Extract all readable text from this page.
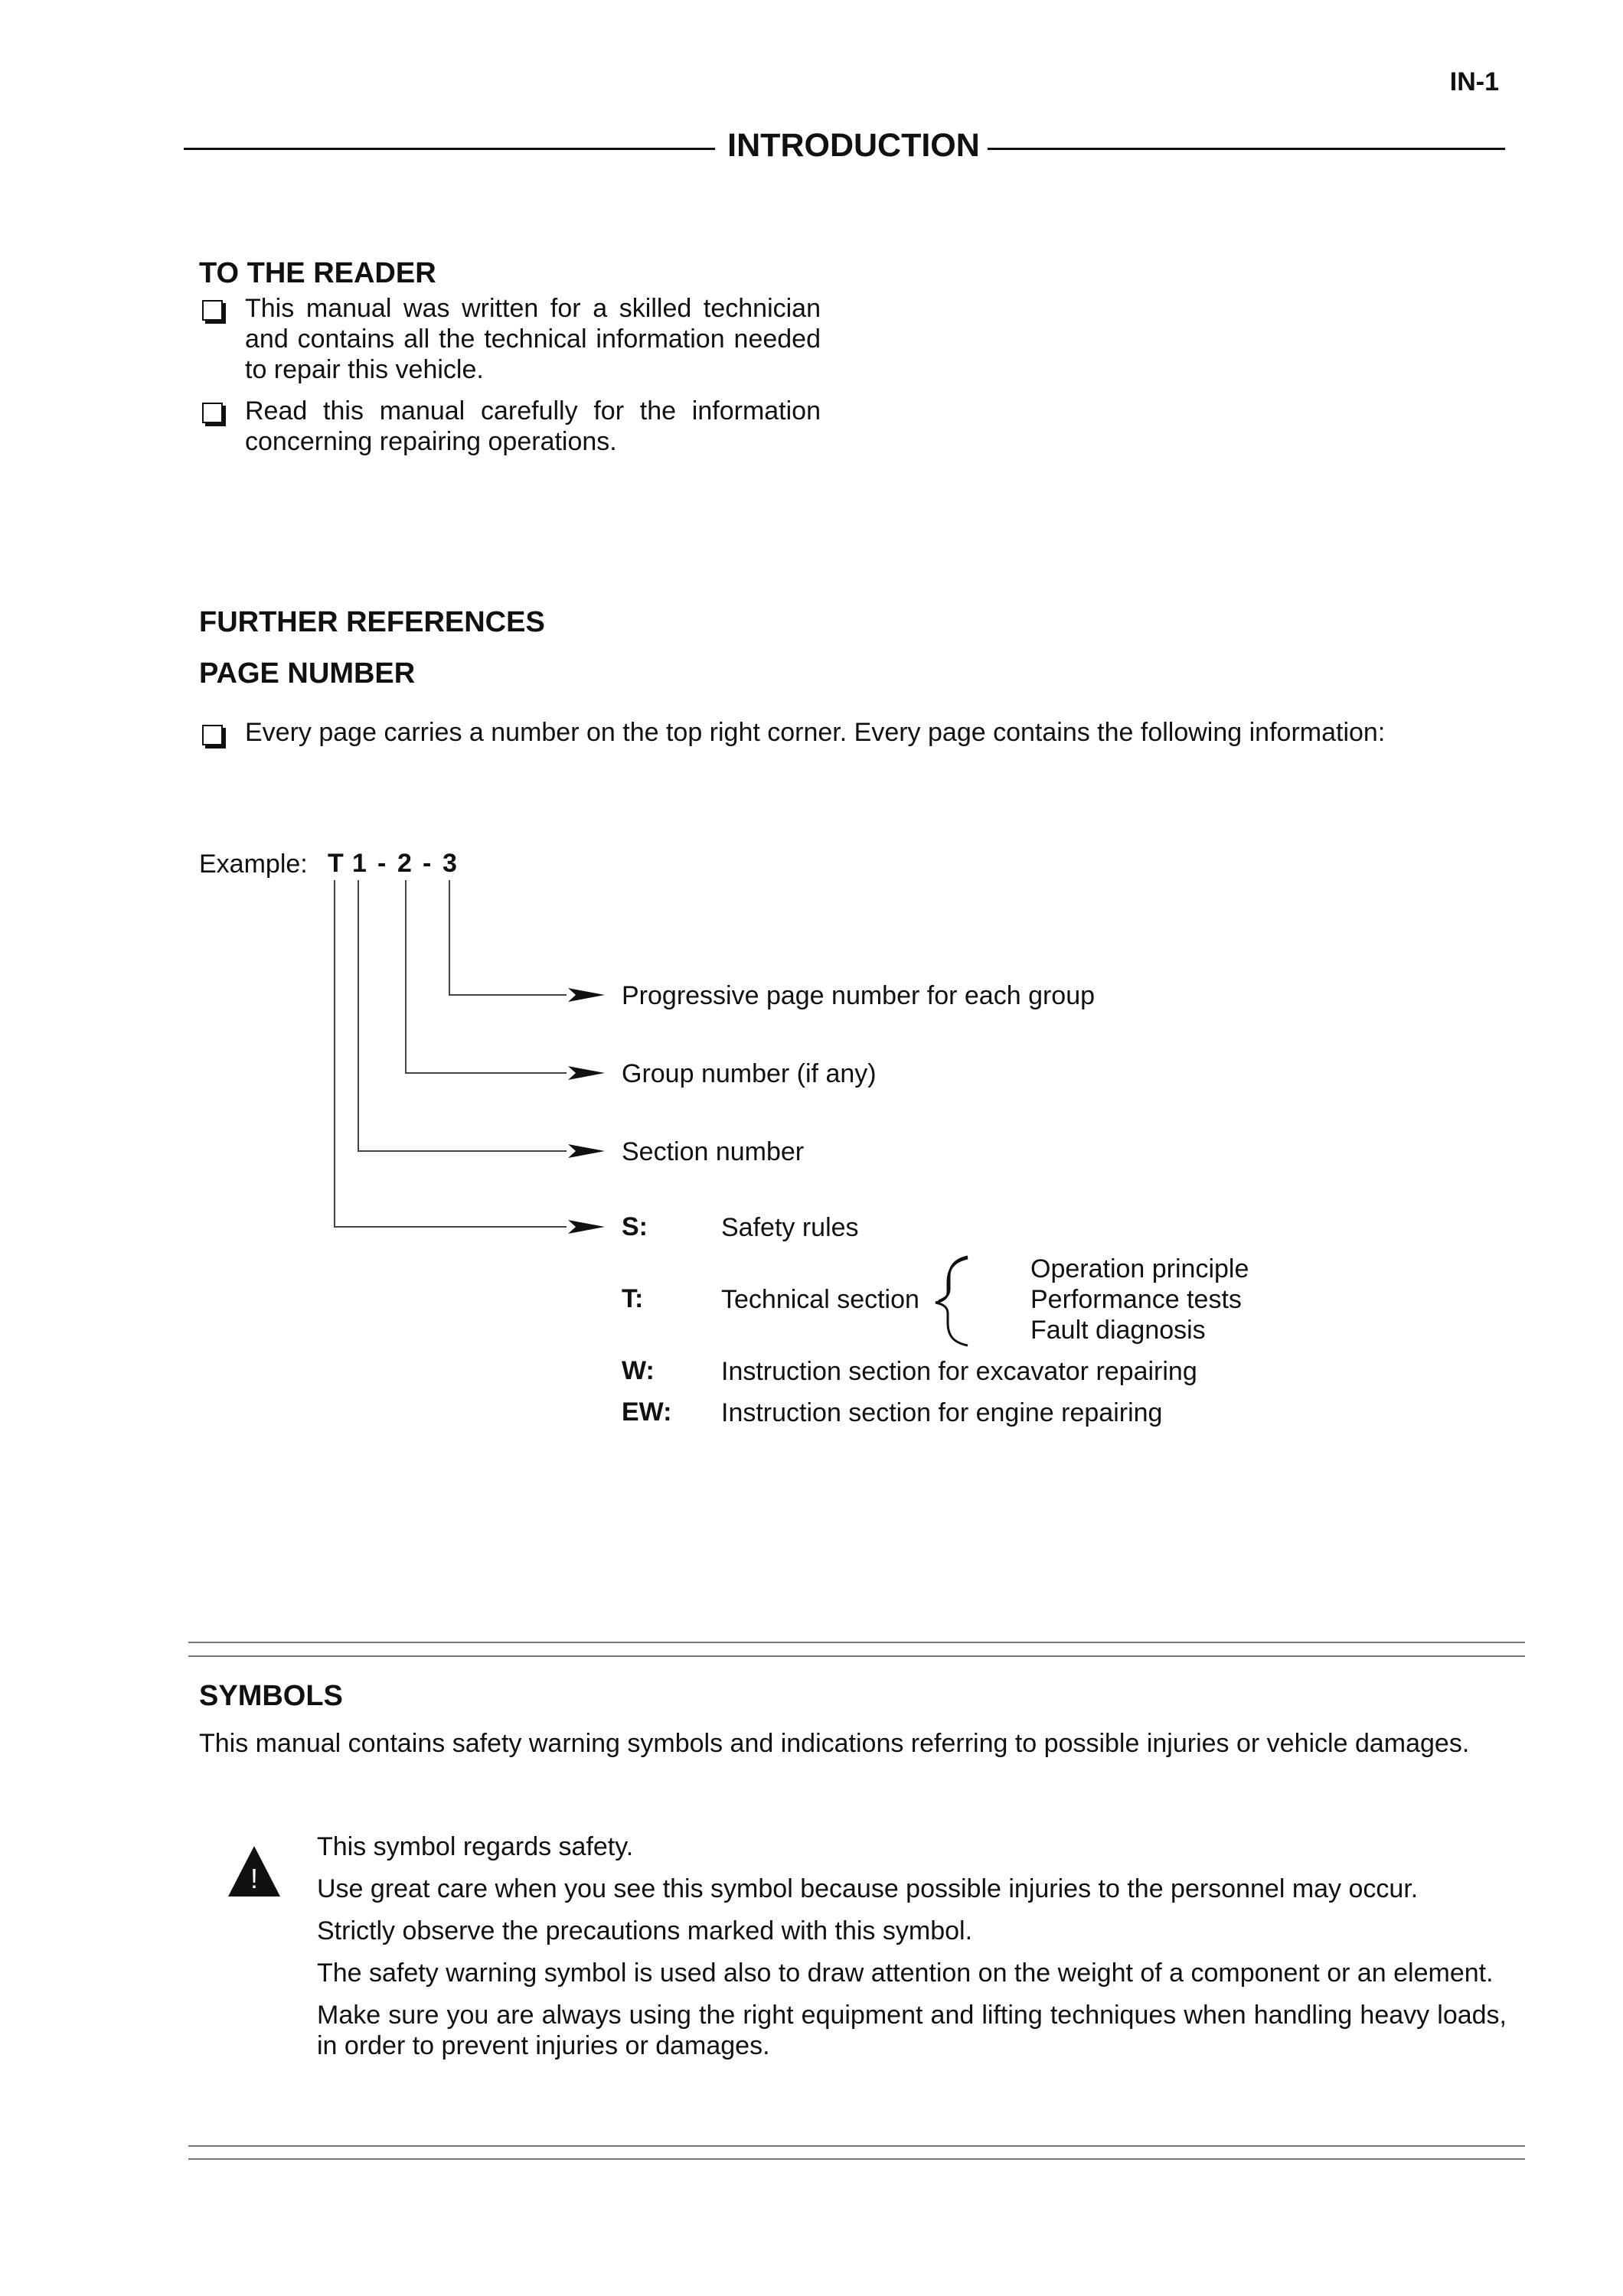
IN-1
INTRODUCTION
TO THE READER
This manual was written for a skilled technician and contains all the technical information needed to repair this vehicle.
Read this manual carefully for the information concerning repairing operations.
FURTHER REFERENCES
PAGE NUMBER
Every page carries a number on the top right corner. Every page contains the following information:
Example: T 1 - 2 - 3
Progressive page number for each group
Group number (if any)
Section number
S:	Safety rules
T:	Technical section
Operation principle
Performance tests
Fault diagnosis
W:	Instruction section for excavator repairing
EW: Instruction section for engine repairing
SYMBOLS
This manual contains safety warning symbols and indications referring to possible injuries or vehicle damages.
!
This symbol regards safety.
Use great care when you see this symbol because possible injuries to the personnel may occur.
Strictly observe the precautions marked with this symbol.
The safety warning symbol is used also to draw attention on the weight of a component or an element.
Make sure you are always using the right equipment and lifting techniques when handling heavy loads, in order to prevent injuries or damages.
